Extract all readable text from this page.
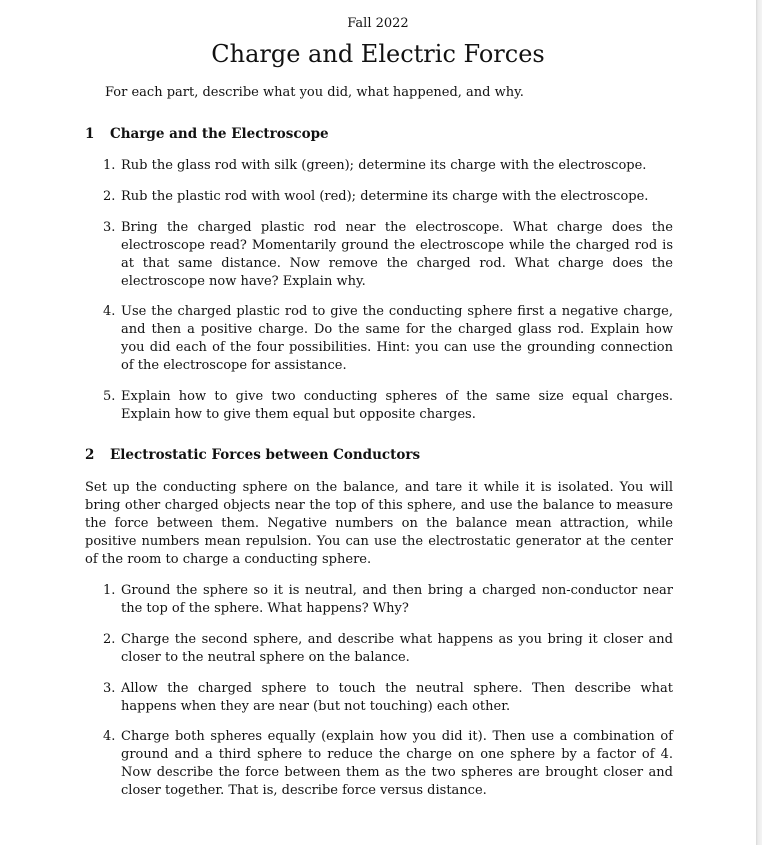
Fall 2022
Charge and Electric Forces

For each part, describe what you did, what happened, and why.

1 Charge and the Electroscope
1. Rub the glass rod with silk (green); determine its charge with the electroscope.
2. Rub the plastic rod with wool (red); determine its charge with the electroscope.
3. Bring the charged plastic rod near the electroscope. What charge does the electroscope read? Momentarily ground the electroscope while the charged rod is at that same distance. Now remove the charged rod. What charge does the electroscope now have? Explain why.
4. Use the charged plastic rod to give the conducting sphere first a negative charge, and then a positive charge. Do the same for the charged glass rod. Explain how you did each of the four possibilities. Hint: you can use the grounding connection of the electroscope for assistance.
5. Explain how to give two conducting spheres of the same size equal charges. Explain how to give them equal but opposite charges.
2 Electrostatic Forces between Conductors

Set up the conducting sphere on the balance, and tare it while it is isolated. You will bring other charged objects near the top of this sphere, and use the balance to measure the force between them. Negative numbers on the balance mean attraction, while positive numbers mean repulsion. You can use the electrostatic generator at the center of the room to charge a conducting sphere.

1. Ground the sphere so it is neutral, and then bring a charged non-conductor near the top of the sphere. What happens? Why?
2. Charge the second sphere, and describe what happens as you bring it closer and closer to the neutral sphere on the balance.
3. Allow the charged sphere to touch the neutral sphere. Then describe what happens when they are near (but not touching) each other.
4. Charge both spheres equally (explain how you did it). Then use a combination of ground and a third sphere to reduce the charge on one sphere by a factor of 4. Now describe the force between them as the two spheres are brought closer and closer together. That is, describe force versus distance.
